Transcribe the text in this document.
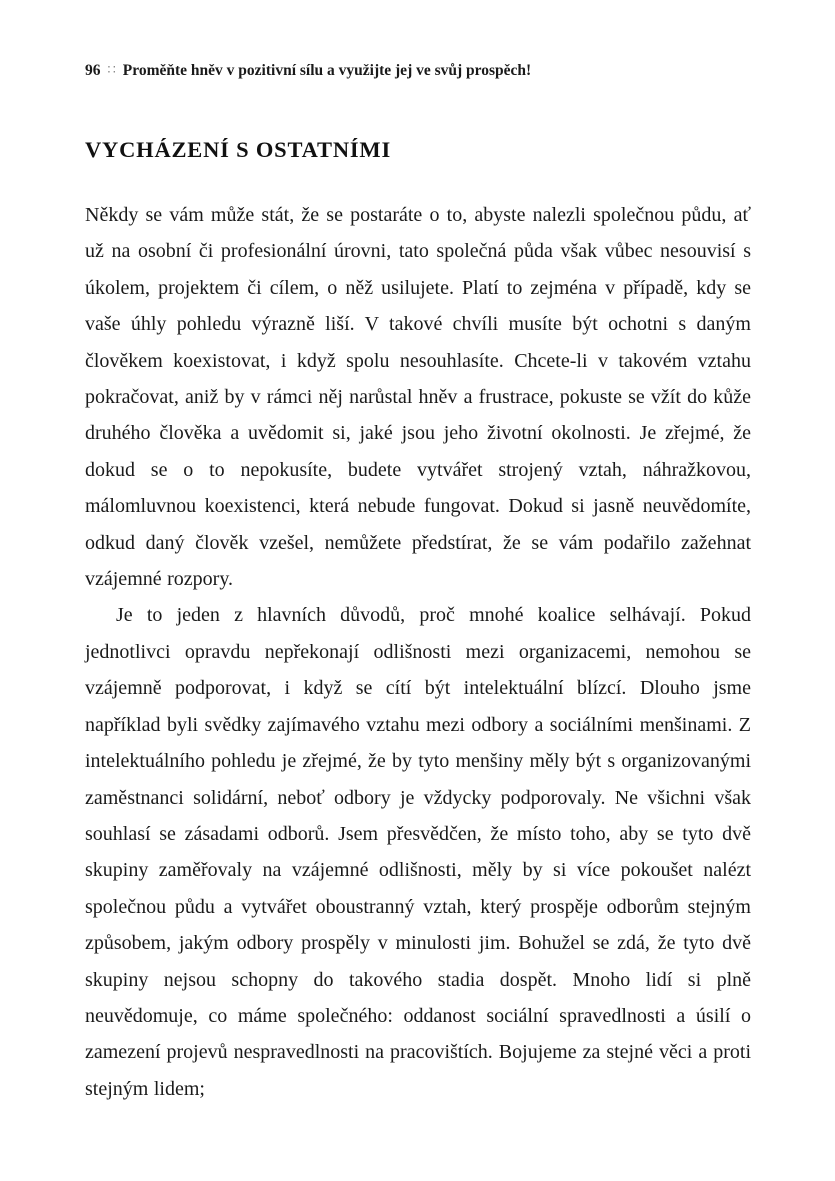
96 ∷ Proměňte hněv v pozitivní sílu a využijte jej ve svůj prospěch!
VYCHÁZENÍ S OSTATNÍMI

Někdy se vám může stát, že se postaráte o to, abyste nalezli společnou půdu, ať už na osobní či profesionální úrovni, tato společná půda však vůbec nesouvisí s úkolem, projektem či cílem, o něž usilujete. Platí to zejména v případě, kdy se vaše úhly pohledu výrazně liší. V takové chvíli musíte být ochotni s daným člověkem koexistovat, i když spolu nesouhlasíte. Chcete-li v takovém vztahu pokračovat, aniž by v rámci něj narůstal hněv a frustrace, pokuste se vžít do kůže druhého člověka a uvědomit si, jaké jsou jeho životní okolnosti. Je zřejmé, že dokud se o to nepokusíte, budete vytvářet strojený vztah, náhražkovou, málomluvnou koexistenci, která nebude fungovat. Dokud si jasně neuvědomíte, odkud daný člověk vzešel, nemůžete předstírat, že se vám podařilo zažehnat vzájemné rozpory.

Je to jeden z hlavních důvodů, proč mnohé koalice selhávají. Pokud jednotlivci opravdu nepřekonají odlišnosti mezi organizacemi, nemohou se vzájemně podporovat, i když se cítí být intelektuální blízcí. Dlouho jsme například byli svědky zajímavého vztahu mezi odbory a sociálními menšinami. Z intelektuálního pohledu je zřejmé, že by tyto menšiny měly být s organizovanými zaměstnanci solidární, neboť odbory je vždycky podporovaly. Ne všichni však souhlasí se zásadami odborů. Jsem přesvědčen, že místo toho, aby se tyto dvě skupiny zaměřovaly na vzájemné odlišnosti, měly by si více pokoušet nalézt společnou půdu a vytvářet oboustranný vztah, který prospěje odborům stejným způsobem, jakým odbory prospěly v minulosti jim. Bohužel se zdá, že tyto dvě skupiny nejsou schopny do takového stadia dospět. Mnoho lidí si plně neuvědomuje, co máme společného: oddanost sociální spravedlnosti a úsilí o zamezení projevů nespravedlnosti na pracovištích. Bojujeme za stejné věci a proti stejným lidem;
